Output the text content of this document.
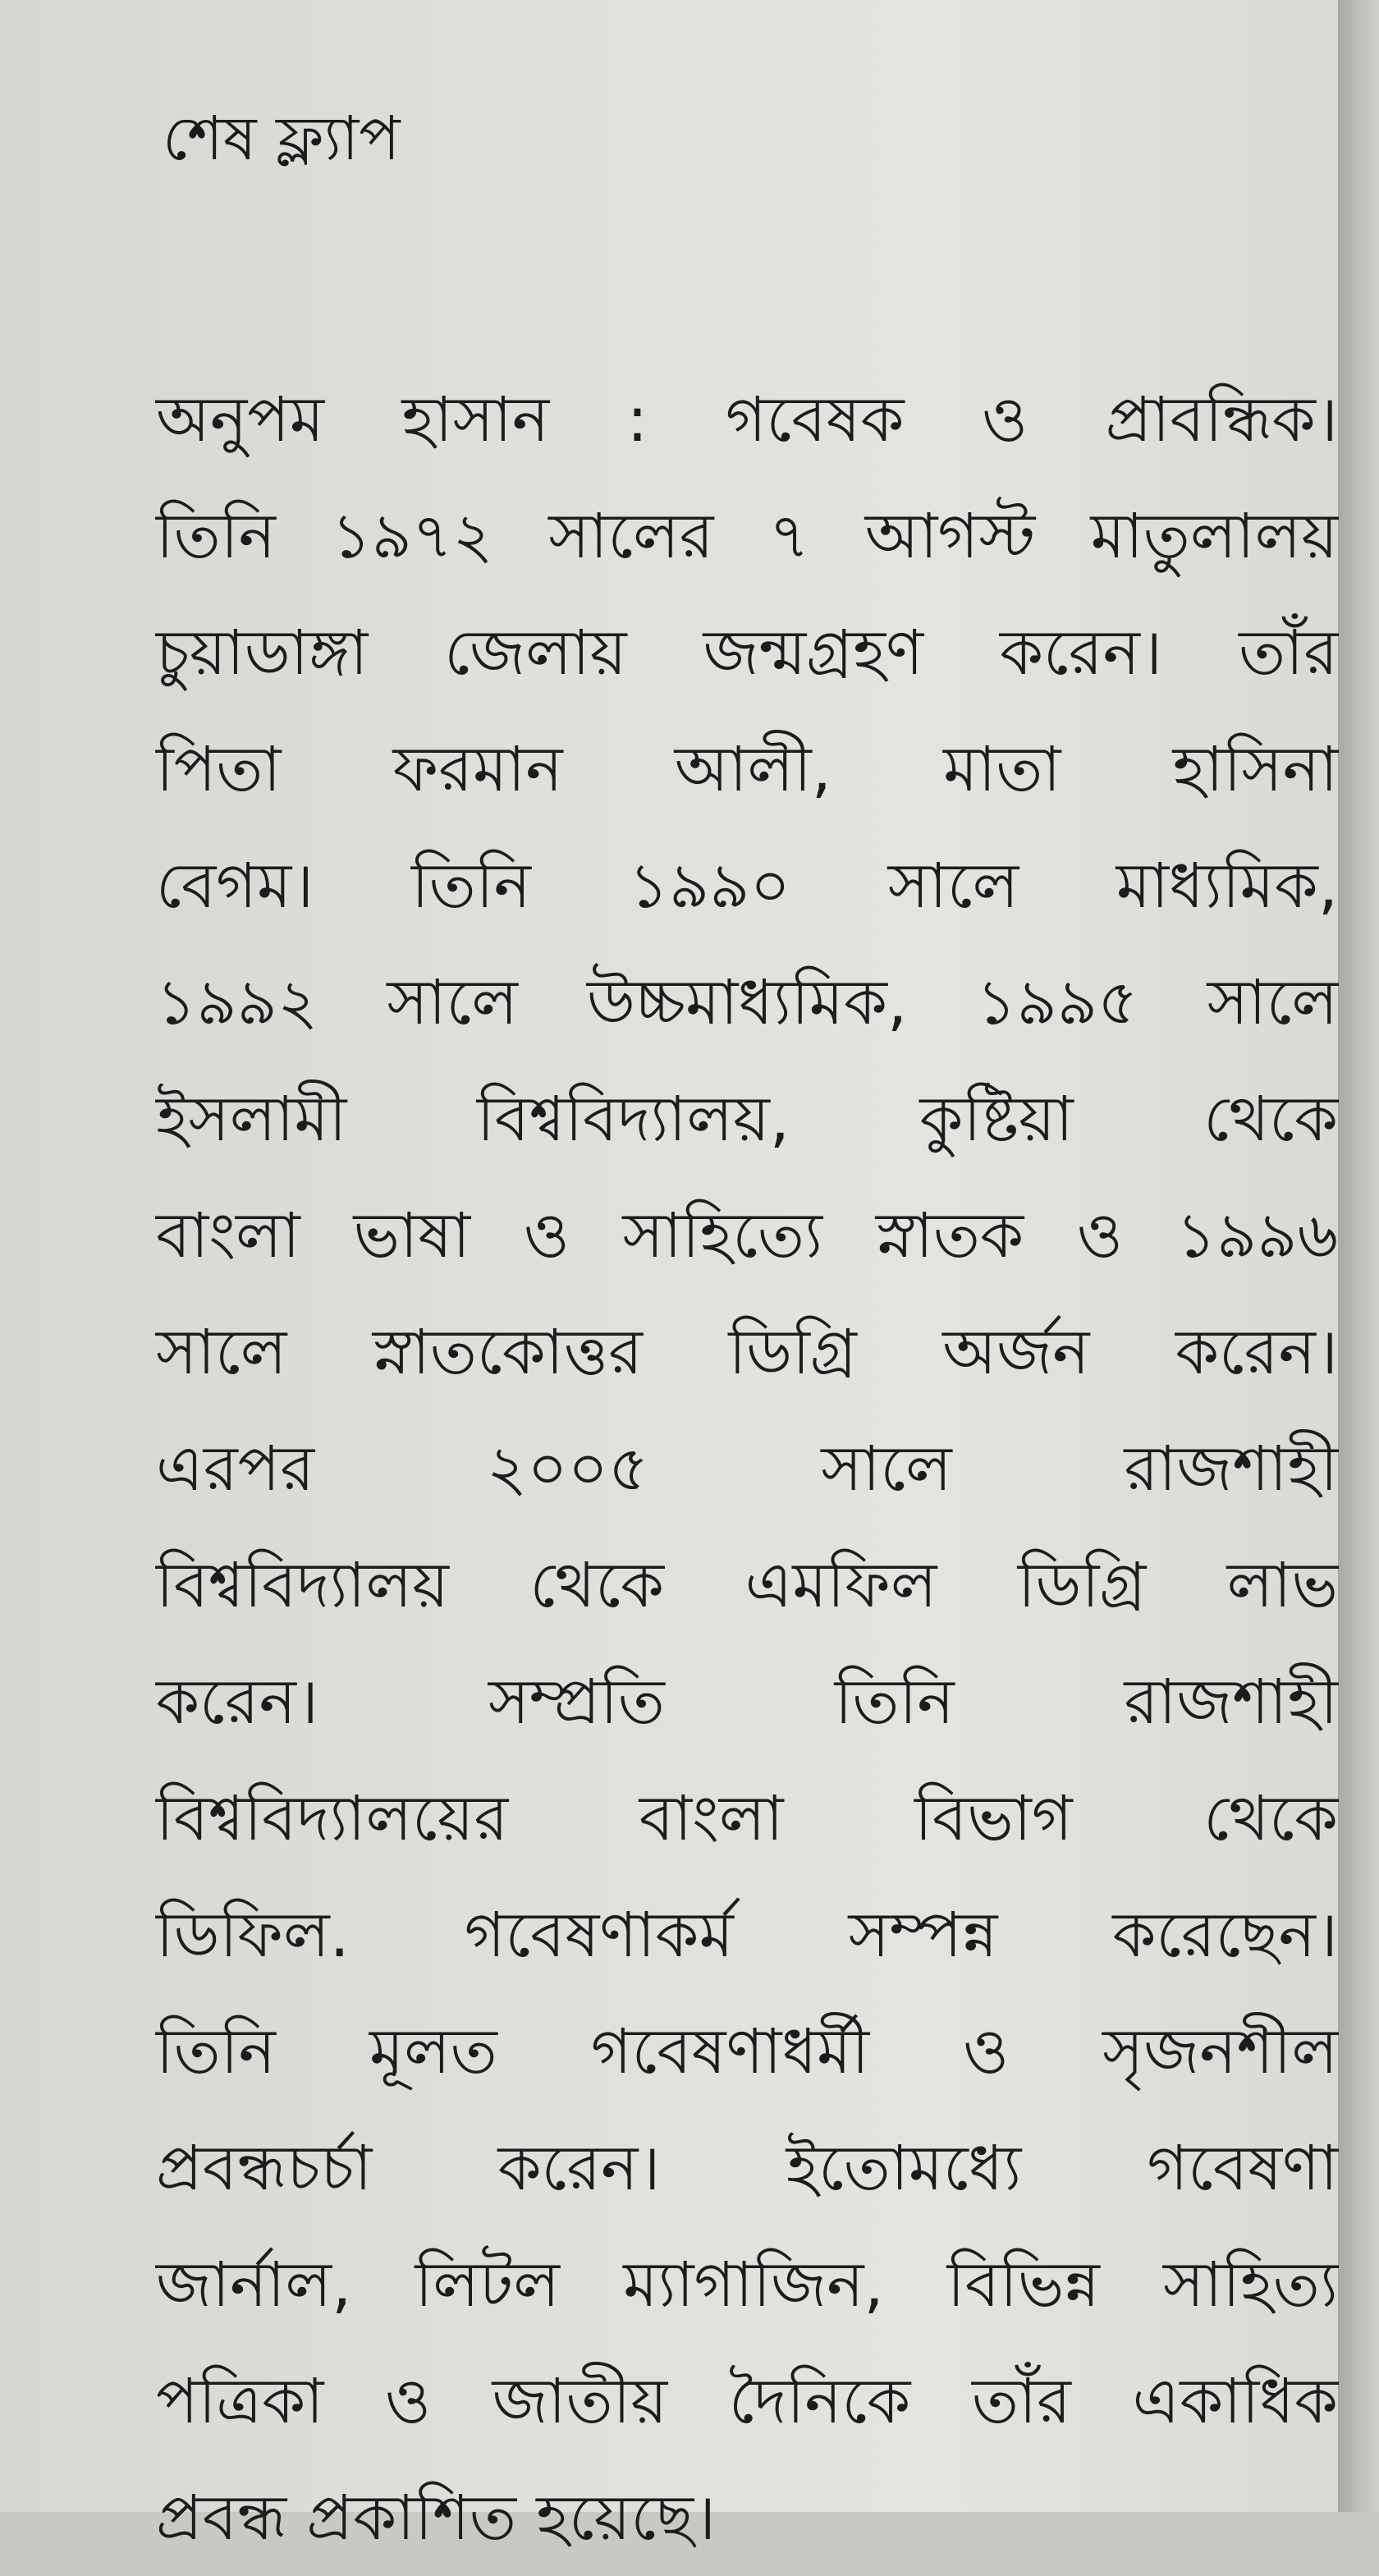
শেষ ফ্ল্যাপ
অনুপম হাসান : গবেষক ও প্রাবন্ধিক।
তিনি ১৯৭২ সালের ৭ আগস্ট মাতুলালয়
চুয়াডাঙ্গা জেলায় জন্মগ্রহণ করেন। তাঁর
পিতা ফরমান আলী, মাতা হাসিনা
বেগম। তিনি ১৯৯০ সালে মাধ্যমিক,
১৯৯২ সালে উচ্চমাধ্যমিক, ১৯৯৫ সালে
ইসলামী বিশ্ববিদ্যালয়, কুষ্টিয়া থেকে
বাংলা ভাষা ও সাহিত্যে স্নাতক ও ১৯৯৬
সালে স্নাতকোত্তর ডিগ্রি অর্জন করেন।
এরপর ২০০৫ সালে রাজশাহী
বিশ্ববিদ্যালয় থেকে এমফিল ডিগ্রি লাভ
করেন। সম্প্রতি তিনি রাজশাহী
বিশ্ববিদ্যালয়ের বাংলা বিভাগ থেকে
ডিফিল. গবেষণাকর্ম সম্পন্ন করেছেন।
তিনি মূলত গবেষণাধর্মী ও সৃজনশীল
প্রবন্ধচর্চা করেন। ইতোমধ্যে গবেষণা
জার্নাল, লিটল ম্যাগাজিন, বিভিন্ন সাহিত্য
পত্রিকা ও জাতীয় দৈনিকে তাঁর একাধিক
প্রবন্ধ প্রকাশিত হয়েছে।
